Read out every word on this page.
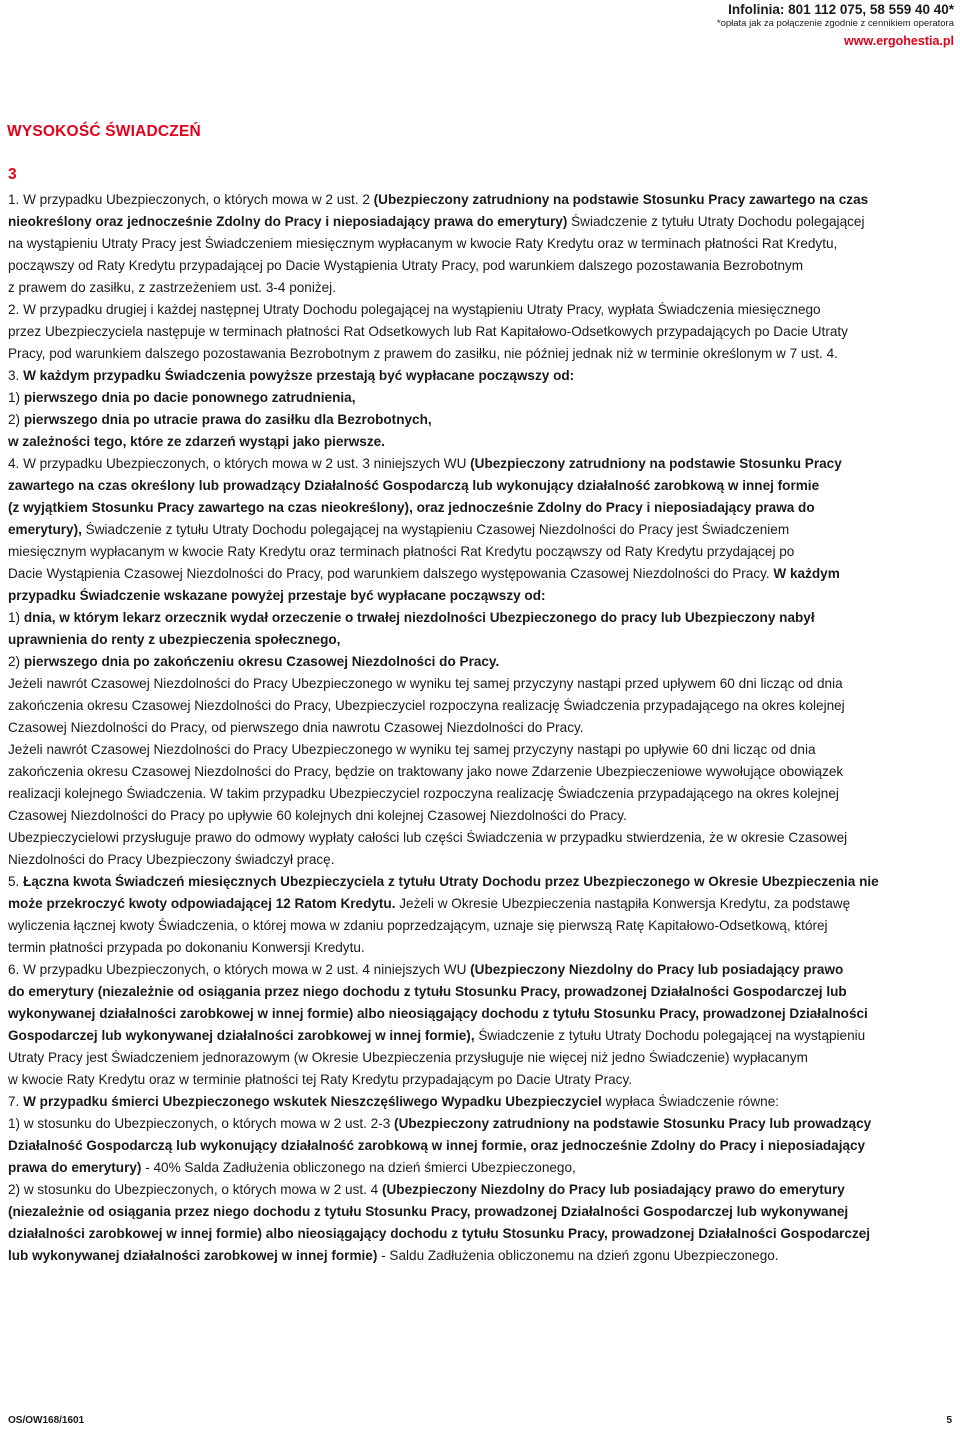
Infolinia: 801 112 075, 58 559 40 40*
*opłata jak za połączenie zgodnie z cennikiem operatora
www.ergohestia.pl
WYSOKOŚĆ ŚWIADCZEŃ
3
1. W przypadku Ubezpieczonych, o których mowa w 2 ust. 2 (Ubezpieczony zatrudniony na podstawie Stosunku Pracy zawartego na czas
nieokreślony oraz jednocześnie Zdolny do Pracy i nieposiadający prawa do emerytury) Świadczenie z tytułu Utraty Dochodu polegającej
na wystąpieniu Utraty Pracy jest Świadczeniem miesięcznym wypłacanym w kwocie Raty Kredytu oraz w terminach płatności Rat Kredytu,
począwszy od Raty Kredytu przypadającej po Dacie Wystąpienia Utraty Pracy, pod warunkiem dalszego pozostawania Bezrobotnym
z prawem do zasiłku, z zastrzeżeniem ust. 3-4 poniżej.
2. W przypadku drugiej i każdej następnej Utraty Dochodu polegającej na wystąpieniu Utraty Pracy, wypłata Świadczenia miesięcznego
przez Ubezpieczyciela następuje w terminach płatności Rat Odsetkowych lub Rat Kapitałowo-Odsetkowych przypadających po Dacie Utraty
Pracy, pod warunkiem dalszego pozostawania Bezrobotnym z prawem do zasiłku, nie później jednak niż w terminie określonym w 7 ust. 4.
3. W każdym przypadku Świadczenia powyższe przestają być wypłacane począwszy od:
1) pierwszego dnia po dacie ponownego zatrudnienia,
2) pierwszego dnia po utracie prawa do zasiłku dla Bezrobotnych,
w zależności tego, które ze zdarzeń wystąpi jako pierwsze.
4. W przypadku Ubezpieczonych, o których mowa w 2 ust. 3 niniejszych WU (Ubezpieczony zatrudniony na podstawie Stosunku Pracy
zawartego na czas określony lub prowadzący Działalność Gospodarczą lub wykonujący działalność zarobkową w innej formie
(z wyjątkiem Stosunku Pracy zawartego na czas nieokreślony), oraz jednocześnie Zdolny do Pracy i nieposiadający prawa do
emerytury), Świadczenie z tytułu Utraty Dochodu polegającej na wystąpieniu Czasowej Niezdolności do Pracy jest Świadczeniem
miesięcznym wypłacanym w kwocie Raty Kredytu oraz terminach płatności Rat Kredytu począwszy od Raty Kredytu przydającej po
Dacie Wystąpienia Czasowej Niezdolności do Pracy, pod warunkiem dalszego występowania Czasowej Niezdolności do Pracy. W każdym
przypadku Świadczenie wskazane powyżej przestaje być wypłacane począwszy od:
1) dnia, w którym lekarz orzecznik wydał orzeczenie o trwałej niezdolności Ubezpieczonego do pracy lub Ubezpieczony nabył
uprawnienia do renty z ubezpieczenia społecznego,
2) pierwszego dnia po zakończeniu okresu Czasowej Niezdolności do Pracy.
Jeżeli nawrót Czasowej Niezdolności do Pracy Ubezpieczonego w wyniku tej samej przyczyny nastąpi przed upływem 60 dni licząc od dnia
zakończenia okresu Czasowej Niezdolności do Pracy, Ubezpieczyciel rozpoczyna realizację Świadczenia przypadającego na okres kolejnej
Czasowej Niezdolności do Pracy, od pierwszego dnia nawrotu Czasowej Niezdolności do Pracy.
Jeżeli nawrót Czasowej Niezdolności do Pracy Ubezpieczonego w wyniku tej samej przyczyny nastąpi po upływie 60 dni licząc od dnia
zakończenia okresu Czasowej Niezdolności do Pracy, będzie on traktowany jako nowe Zdarzenie Ubezpieczeniowe wywołujące obowiązek
realizacji kolejnego Świadczenia. W takim przypadku Ubezpieczyciel rozpoczyna realizację Świadczenia przypadającego na okres kolejnej
Czasowej Niezdolności do Pracy po upływie 60 kolejnych dni kolejnej Czasowej Niezdolności do Pracy.
Ubezpieczycielowi przysługuje prawo do odmowy wypłaty całości lub części Świadczenia w przypadku stwierdzenia, że w okresie Czasowej
Niezdolności do Pracy Ubezpieczony świadczył pracę.
5. Łączna kwota Świadczeń miesięcznych Ubezpieczyciela z tytułu Utraty Dochodu przez Ubezpieczonego w Okresie Ubezpieczenia nie
może przekroczyć kwoty odpowiadającej 12 Ratom Kredytu. Jeżeli w Okresie Ubezpieczenia nastąpiła Konwersja Kredytu, za podstawę
wyliczenia łącznej kwoty Świadczenia, o której mowa w zdaniu poprzedzającym, uznaje się pierwszą Ratę Kapitałowo-Odsetkową, której
termin płatności przypada po dokonaniu Konwersji Kredytu.
6. W przypadku Ubezpieczonych, o których mowa w 2 ust. 4 niniejszych WU (Ubezpieczony Niezdolny do Pracy lub posiadający prawo
do emerytury (niezależnie od osiągania przez niego dochodu z tytułu Stosunku Pracy, prowadzonej Działalności Gospodarczej lub
wykonywanej działalności zarobkowej w innej formie) albo nieosiągający dochodu z tytułu Stosunku Pracy, prowadzonej Działalności
Gospodarczej lub wykonywanej działalności zarobkowej w innej formie), Świadczenie z tytułu Utraty Dochodu polegającej na wystąpieniu
Utraty Pracy jest Świadczeniem jednorazowym (w Okresie Ubezpieczenia przysługuje nie więcej niż jedno Świadczenie) wypłacanym
w kwocie Raty Kredytu oraz w terminie płatności tej Raty Kredytu przypadającym po Dacie Utraty Pracy.
7. W przypadku śmierci Ubezpieczonego wskutek Nieszczęśliwego Wypadku Ubezpieczyciel wypłaca Świadczenie równe:
1) w stosunku do Ubezpieczonych, o których mowa w 2 ust. 2-3 (Ubezpieczony zatrudniony na podstawie Stosunku Pracy lub prowadzący
Działalność Gospodarczą lub wykonujący działalność zarobkową w innej formie, oraz jednocześnie Zdolny do Pracy i nieposiadający
prawa do emerytury) - 40% Salda Zadłużenia obliczonego na dzień śmierci Ubezpieczonego,
2) w stosunku do Ubezpieczonych, o których mowa w 2 ust. 4 (Ubezpieczony Niezdolny do Pracy lub posiadający prawo do emerytury
(niezależnie od osiągania przez niego dochodu z tytułu Stosunku Pracy, prowadzonej Działalności Gospodarczej lub wykonywanej
działalności zarobkowej w innej formie) albo nieosiągający dochodu z tytułu Stosunku Pracy, prowadzonej Działalności Gospodarczej
lub wykonywanej działalności zarobkowej w innej formie) - Saldu Zadłużenia obliczonemu na dzień zgonu Ubezpieczonego.
OS/OW168/1601	5
